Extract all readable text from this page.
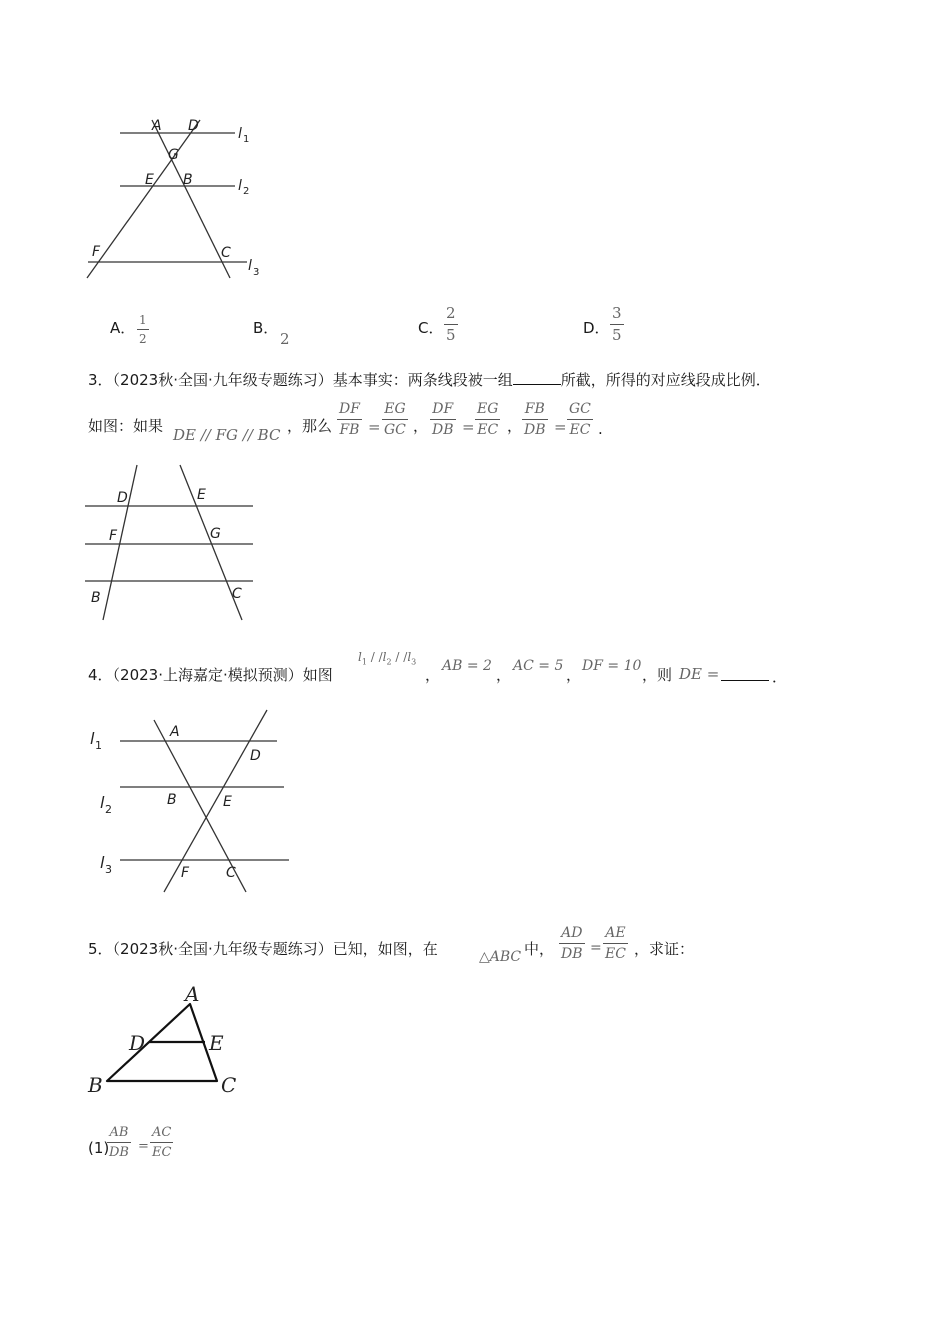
A D
G
E B
F	C
l 1
l 2
l 3
A． $\frac{1}{2}$	B．
2
C． $\frac{2}{5}$	D． $\frac{3}{5}$
3．（2023秋·全国·九年级专题练习）基本事实：两条线段被一组	所截，所得的对应线段成比例．
如图：如果 DE // FG // BC ， 那么 $\frac{DF}{FB} = \frac{EG}{GC}$ ， $\frac{DF}{DB} = \frac{EG}{EC}$ ， $\frac{FB}{DB} = \frac{GC}{EC}$ .
D	E
F	G
B	C
4．（2023·上海嘉定·模拟预测）如图
$l_1 / /l_2 / /l_3$
， AB = 2 ， AC = 5 ， DF = 10 ，则 DE =	．
l 1
l 2
l 3
A
D
B	E
F	C
5．（2023秋·全国·九年级专题练习）已知，如图，在	△ABC 中， $\frac{AD}{DB} = \frac{AE}{EC}$ ，求证：
A
D	E
B	C
(1)
$\frac{AB}{DB} = \frac{AC}{EC}$
